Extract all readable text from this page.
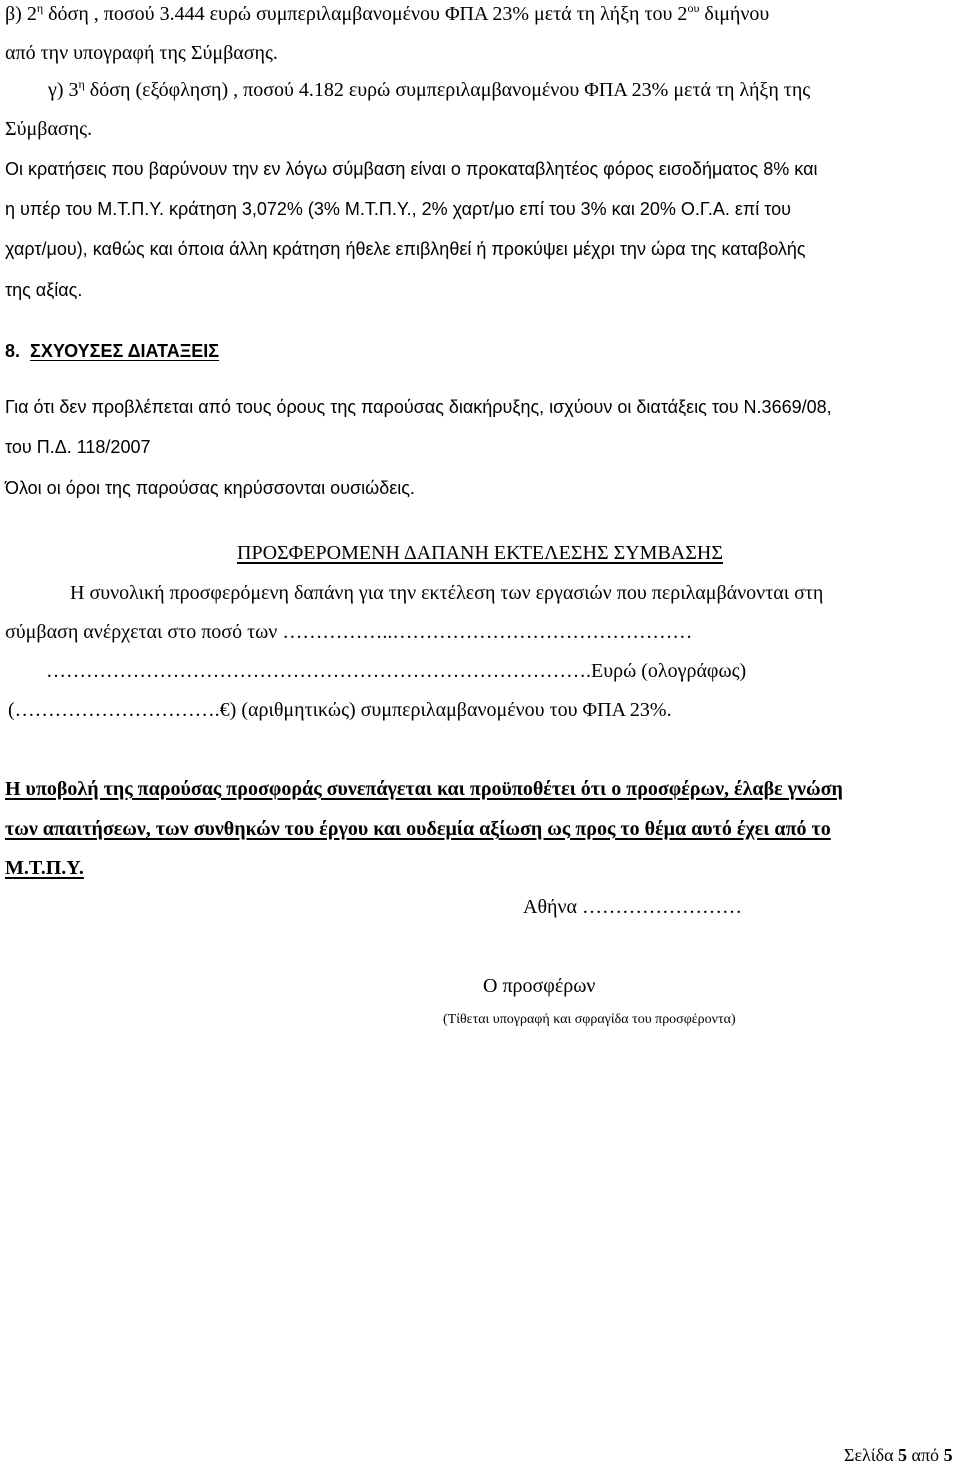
β) $2^\eta$ δόση , ποσού 3.444 ευρώ συμπεριλαμβανομένου ΦΠΑ 23% μετά τη λήξη του $2^{o\upsilon}$ διμήνου
από την υπογραφή της Σύμβασης.
γ) $3^\eta$ δόση (εξόφληση) , ποσού 4.182 ευρώ συμπεριλαμβανομένου ΦΠΑ 23% μετά τη λήξη της
Σύμβασης.
Οι κρατήσεις που βαρύνουν την εν λόγω σύμβαση είναι ο προκαταβλητέος φόρος εισοδήματος 8% και
η υπέρ του Μ.Τ.Π.Υ. κράτηση 3,072% (3% Μ.Τ.Π.Υ., 2% χαρτ/μο επί του 3% και 20% Ο.Γ.Α. επί του
χαρτ/μου), καθώς και όποια άλλη κράτηση ήθελε επιβληθεί ή προκύψει μέχρι την ώρα της καταβολής
της αξίας.
8. ΣΧΥΟΥΣΕΣ ΔΙΑΤΑΞΕΙΣ
Για ότι δεν προβλέπεται από τους όρους της παρούσας διακήρυξης, ισχύουν οι διατάξεις του Ν.3669/08,
του Π.Δ. 118/2007
Όλοι οι όροι της παρούσας κηρύσσονται ουσιώδεις.
ΠΡΟΣΦΕΡΟΜΕΝΗ ΔΑΠΑΝΗ ΕΚΤΕΛΕΣΗΣ ΣΥΜΒΑΣΗΣ
Η συνολική προσφερόμενη δαπάνη για την εκτέλεση των εργασιών που περιλαμβάνονται στη
σύμβαση ανέρχεται στο ποσό των ……………..………………………………………
……………………………………………………………………….Ευρώ (ολογράφως)
(………………………….€) (αριθμητικώς) συμπεριλαμβανομένου του ΦΠΑ 23%.
Η υποβολή της παρούσας προσφοράς συνεπάγεται και προϋποθέτει ότι ο προσφέρων, έλαβε γνώση
των απαιτήσεων, των συνθηκών του έργου και ουδεμία αξίωση ως προς το θέμα αυτό έχει από το
Μ.Τ.Π.Υ.
Αθήνα ……………………
Ο προσφέρων
(Τίθεται υπογραφή και σφραγίδα του προσφέροντα)
Σελίδα 5 από 5
